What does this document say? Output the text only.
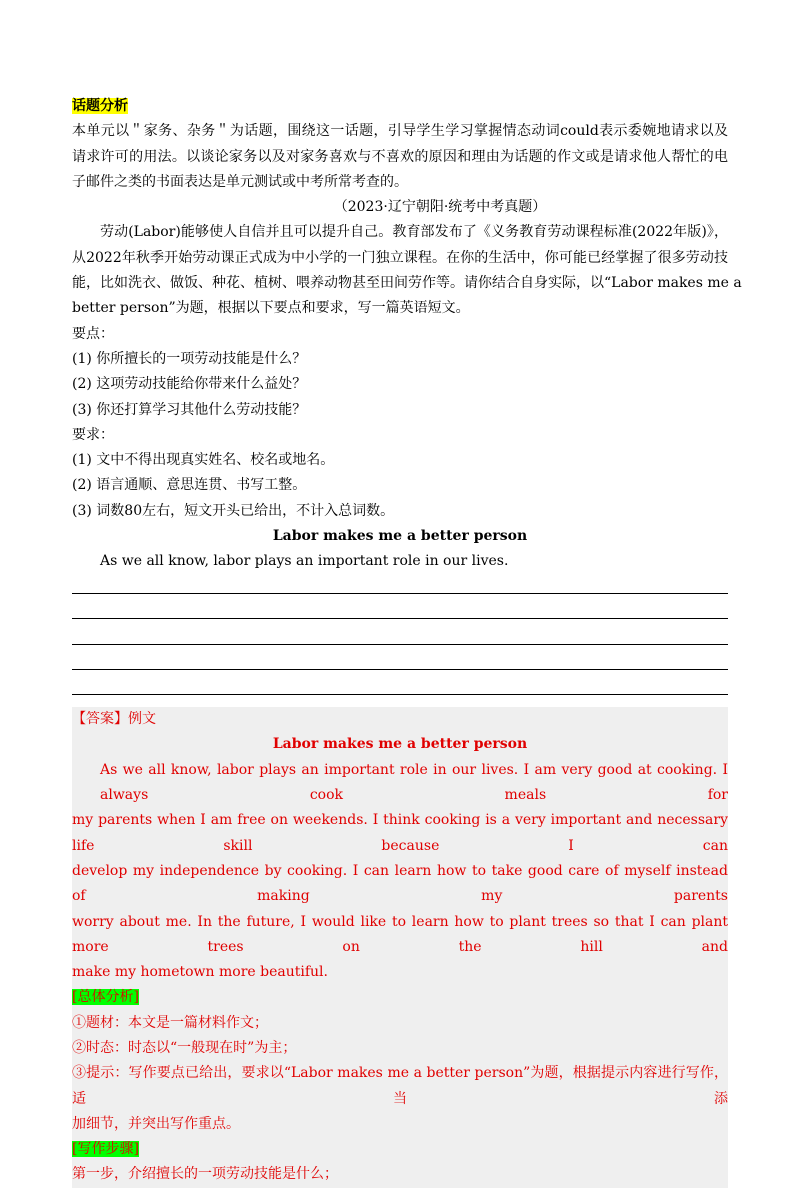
话题分析
本单元以＂家务、杂务＂为话题，围绕这一话题，引导学生学习掌握情态动词could表示委婉地请求以及
请求许可的用法。以谈论家务以及对家务喜欢与不喜欢的原因和理由为话题的作文或是请求他人帮忙的电
子邮件之类的书面表达是单元测试或中考所常考查的。
（2023·辽宁朝阳·统考中考真题）
劳动(Labor)能够使人自信并且可以提升自己。教育部发布了《义务教育劳动课程标准(2022年版)》，
从2022年秋季开始劳动课正式成为中小学的一门独立课程。在你的生活中，你可能已经掌握了很多劳动技
能，比如洗衣、做饭、种花、植树、喂养动物甚至田间劳作等。请你结合自身实际，以“Labor makes me a
better person”为题，根据以下要点和要求，写一篇英语短文。
要点：
(1) 你所擅长的一项劳动技能是什么？
(2) 这项劳动技能给你带来什么益处？
(3) 你还打算学习其他什么劳动技能？
要求：
(1) 文中不得出现真实姓名、校名或地名。
(2) 语言通顺、意思连贯、书写工整。
(3) 词数80左右，短文开头已给出，不计入总词数。
Labor makes me a better person
As we all know, labor plays an important role in our lives.
【答案】例文
Labor makes me a better person
As we all know, labor plays an important role in our lives. I am very good at cooking. I always cook meals for
my parents when I am free on weekends. I think cooking is a very important and necessary life skill because I can
develop my independence by cooking. I can learn how to take good care of myself instead of making my parents
worry about me. In the future, I would like to learn how to plant trees so that I can plant more trees on the hill and
make my hometown more beautiful.
[总体分析]
①题材：本文是一篇材料作文；
②时态：时态以“一般现在时”为主；
③提示：写作要点已给出，要求以“Labor makes me a better person”为题，根据提示内容进行写作，适当添
加细节，并突出写作重点。
[写作步骤]
第一步，介绍擅长的一项劳动技能是什么；
